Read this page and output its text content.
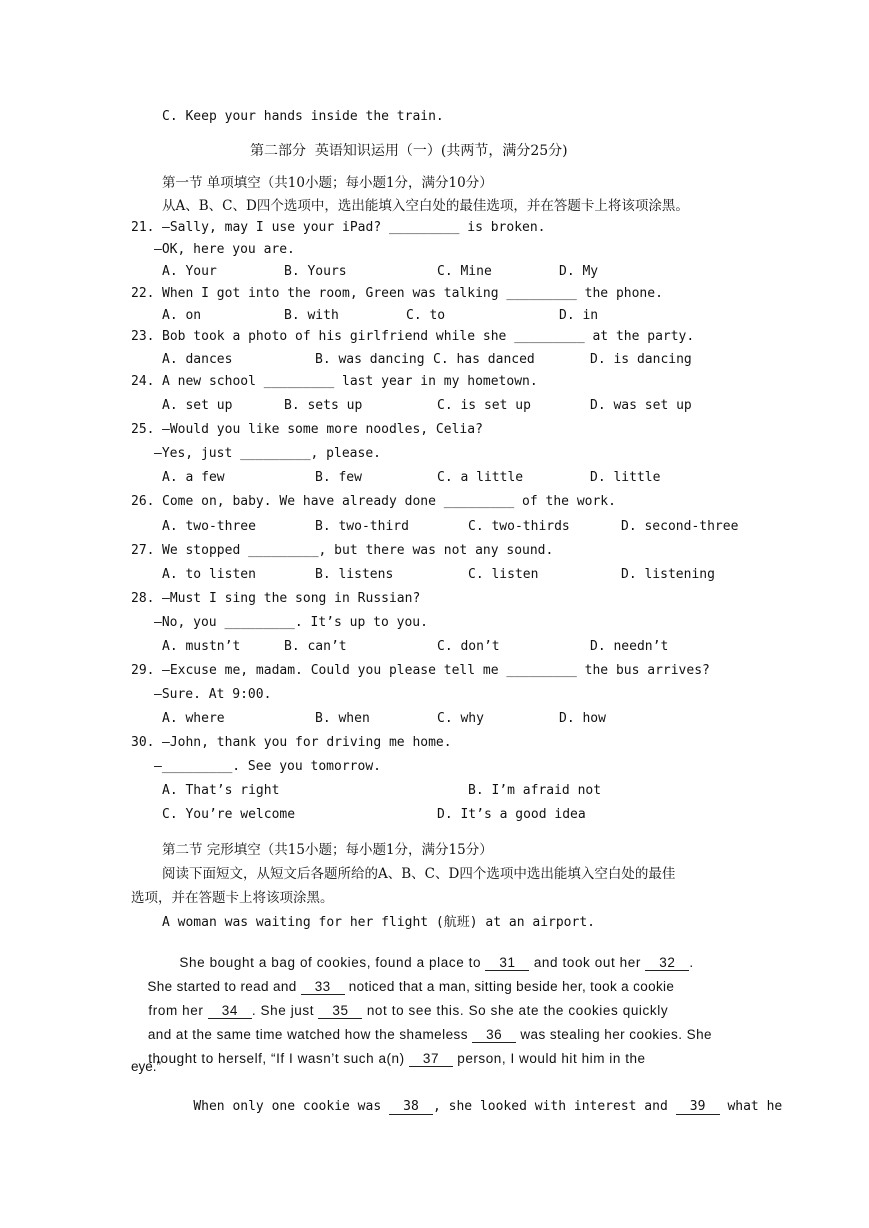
C. Keep your hands inside the train.
第二部分  英语知识运用（一）(共两节，满分25分)
第一节 单项填空（共10小题；每小题1分，满分10分）
从A、B、C、D四个选项中，选出能填入空白处的最佳选项，并在答题卡上将该项涂黑。
21. —Sally, may I use your iPad? _________ is broken.
—OK, here you are.
A. Your	B. Yours	C. Mine	D. My
22. When I got into the room, Green was talking _________ the phone.
A. on	B. with	C. to	D. in
23. Bob took a photo of his girlfriend while she _________ at the party.
A. dances	B. was dancing C. has danced	D. is dancing
24. A new school _________ last year in my hometown.
A. set up	B. sets up	C. is set up	D. was set up
25. —Would you like some more noodles, Celia?
—Yes, just _________, please.
A. a few	B. few	C. a little	D. little
26. Come on, baby. We have already done _________ of the work.
A. two-three	B. two-third	C. two-thirds	D. second-three
27. We stopped _________, but there was not any sound.
A. to listen	B. listens	C. listen	D. listening
28. —Must I sing the song in Russian?
—No, you _________. It’s up to you.
A. mustn’t	B. can’t	C. don’t	D. needn’t
29. —Excuse me, madam. Could you please tell me _________ the bus arrives?
—Sure. At 9:00.
A. where	B. when	C. why	D. how
30. —John, thank you for driving me home.
—_________. See you tomorrow.
A. That’s right	B. I’m afraid not
C. You’re welcome	D. It’s a good idea
第二节 完形填空（共15小题；每小题1分，满分15分）
阅读下面短文，从短文后各题所给的A、B、C、D四个选项中选出能填入空白处的最佳
选项，并在答题卡上将该项涂黑。
A woman was waiting for her flight (航班) at an airport.

She bought a bag of cookies, found a place to 31 and took out her 32 .

She started to read and 33 noticed that a man, sitting beside her, took a cookie

from her 34 . She just 35 not to see this. So she ate the cookies quickly

and at the same time watched how the shameless 36 was stealing her cookies. She

thought to herself, “If I wasn’t such a(n) 37 person, I would hit him in the

eye.”

When only one cookie was 38 , she looked with interest and 39 what he
